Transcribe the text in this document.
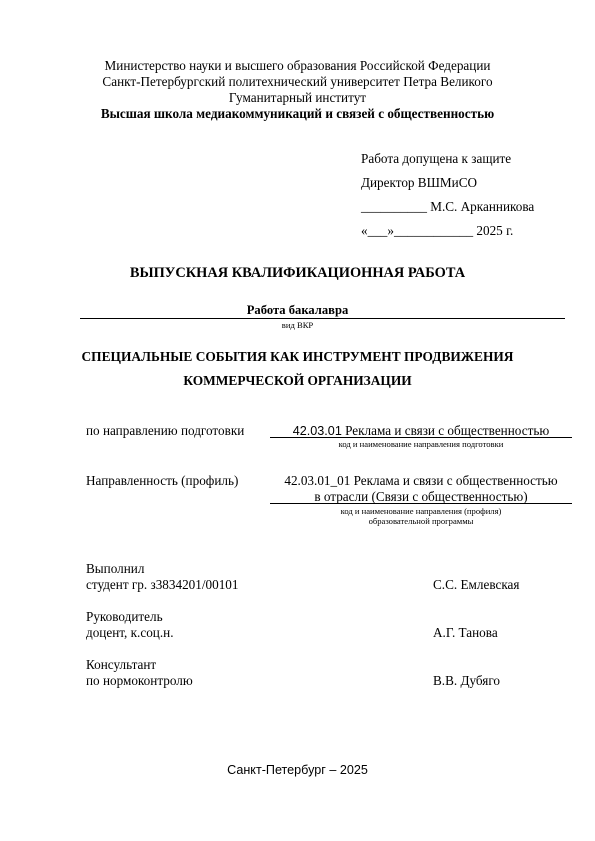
Министерство науки и высшего образования Российской Федерации
Санкт-Петербургский политехнический университет Петра Великого
Гуманитарный институт
Высшая школа медиакоммуникаций и связей с общественностью
Работа допущена к защите
Директор ВШМиСО
__________ М.С. Арканникова
«___»____________ 2025 г.
ВЫПУСКНАЯ КВАЛИФИКАЦИОННАЯ РАБОТА
Работа бакалавра
вид ВКР
СПЕЦИАЛЬНЫЕ СОБЫТИЯ КАК ИНСТРУМЕНТ ПРОДВИЖЕНИЯ
КОММЕРЧЕСКОЙ ОРГАНИЗАЦИИ
по направлению подготовки	42.03.01 Реклама и связи с общественностью
код и наименование направления подготовки
Направленность (профиль)	42.03.01_01 Реклама и связи с общественностью
в отрасли (Связи с общественностью)
код и наименование направления (профиля)
образовательной программы
Выполнил
студент гр. з3834201/00101	С.С. Емлевская
Руководитель
доцент, к.соц.н.	А.Г. Танова
Консультант
по нормоконтролю	В.В. Дубяго
Санкт-Петербург – 2025
